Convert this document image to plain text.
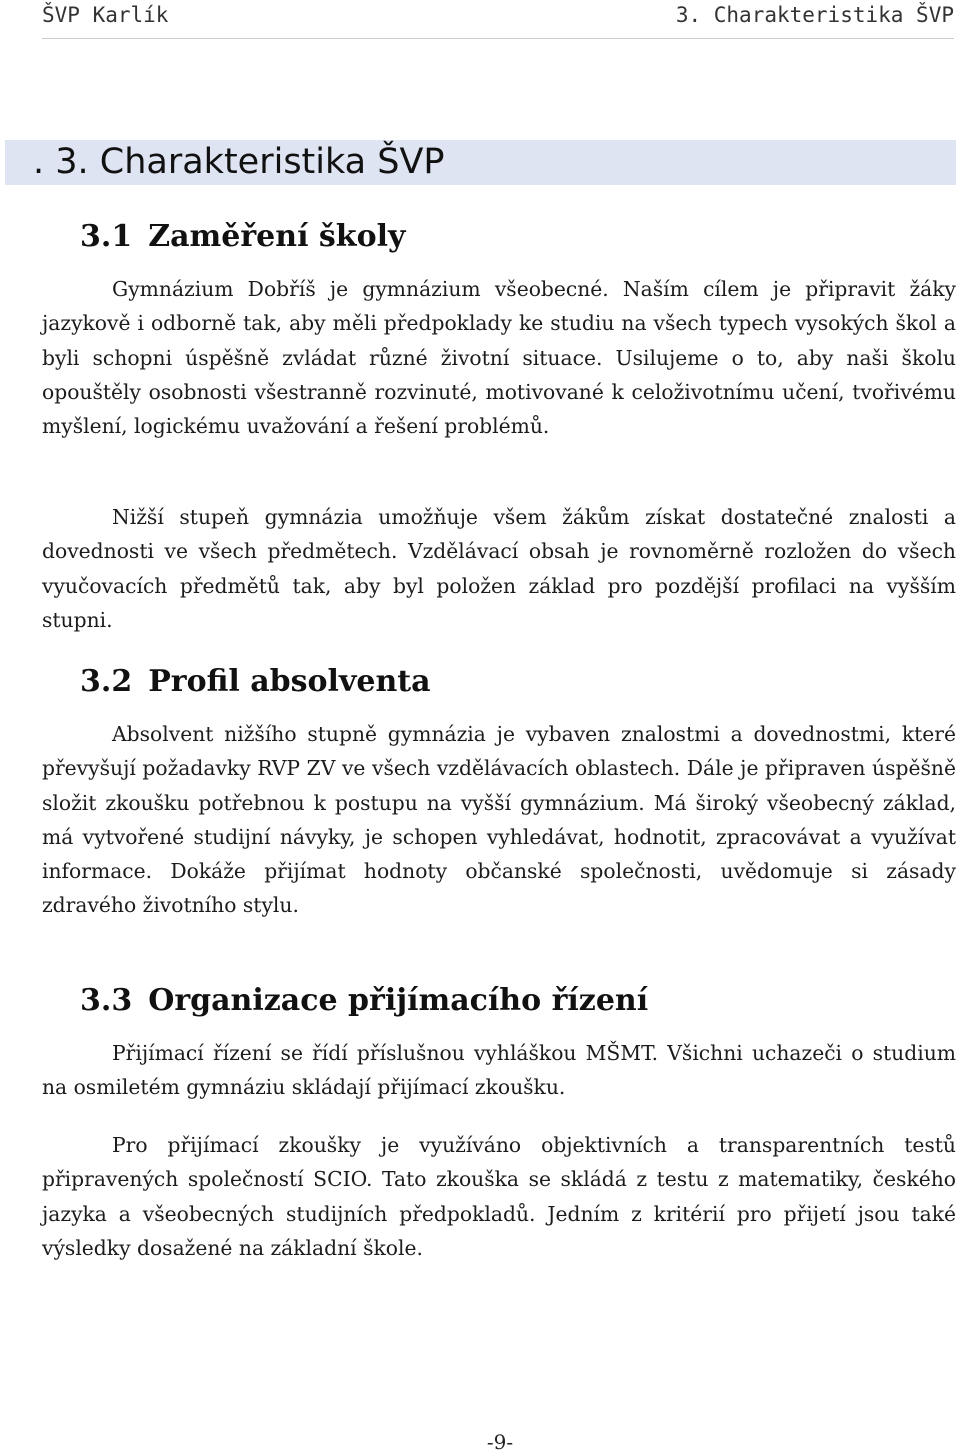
ŠVP Karlík	3. Charakteristika ŠVP
. 3. Charakteristika ŠVP
3.1 Zaměření školy

Gymnázium Dobříš je gymnázium všeobecné. Naším cílem je připravit žáky jazykově i odborně tak, aby měli předpoklady ke studiu na všech typech vysokých škol a byli schopni úspěšně zvládat různé životní situace. Usilujeme o to, aby naši školu opouštěly osobnosti všestranně rozvinuté, motivované k celoživotnímu učení, tvořivému myšlení, logickému uvažování a řešení problémů.

Nižší stupeň gymnázia umožňuje všem žákům získat dostatečné znalosti a dovednosti ve všech předmětech. Vzdělávací obsah je rovnoměrně rozložen do všech vyučovacích předmětů tak, aby byl položen základ pro pozdější profilaci na vyšším stupni.

3.2 Profil absolventa

Absolvent nižšího stupně gymnázia je vybaven znalostmi a dovednostmi, které převyšují požadavky RVP ZV ve všech vzdělávacích oblastech. Dále je připraven úspěšně složit zkoušku potřebnou k postupu na vyšší gymnázium. Má široký všeobecný základ, má vytvořené studijní návyky, je schopen vyhledávat, hodnotit, zpracovávat a využívat informace. Dokáže přijímat hodnoty občanské společnosti, uvědomuje si zásady zdravého životního stylu.

3.3 Organizace přijímacího řízení

Přijímací řízení se řídí příslušnou vyhláškou MŠMT. Všichni uchazeči o studium na osmiletém gymnáziu skládají přijímací zkoušku.

Pro přijímací zkoušky je využíváno objektivních a transparentních testů připravených společností SCIO. Tato zkouška se skládá z testu z matematiky, českého jazyka a všeobecných studijních předpokladů. Jedním z kritérií pro přijetí jsou také výsledky dosažené na základní škole.

-9-
